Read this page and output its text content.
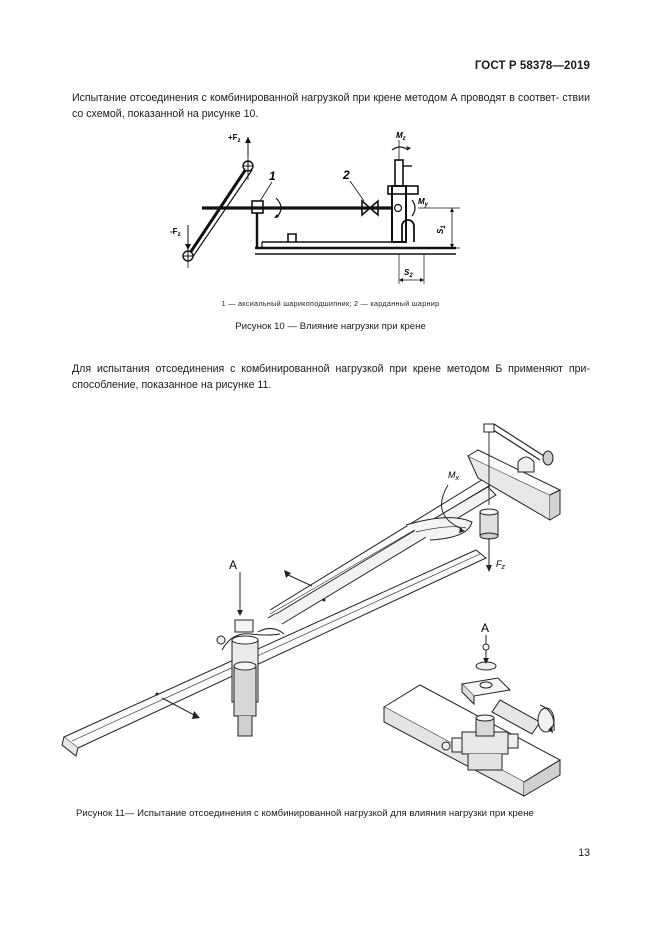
ГОСТ Р 58378—2019
Испытание отсоединения с комбинированной нагрузкой при крене методом А проводят в соответ- ствии со схемой, показанной на рисунке 10.
$+F_z$
$-F_z$
$M_z$
$M_y$
1	2
$S_1$
$S_2$
1 — аксиальный шарикоподшипник; 2 — карданный шарнир
Рисунок 10 — Влияние нагрузки при крене
Для испытания отсоединения с комбинированной нагрузкой при крене методом Б применяют при- способление, показанное на рисунке 11.
A
A
$M_x$
$F_z$
Рисунок 11— Испытание отсоединения с комбинированной нагрузкой для влияния нагрузки при крене
13
